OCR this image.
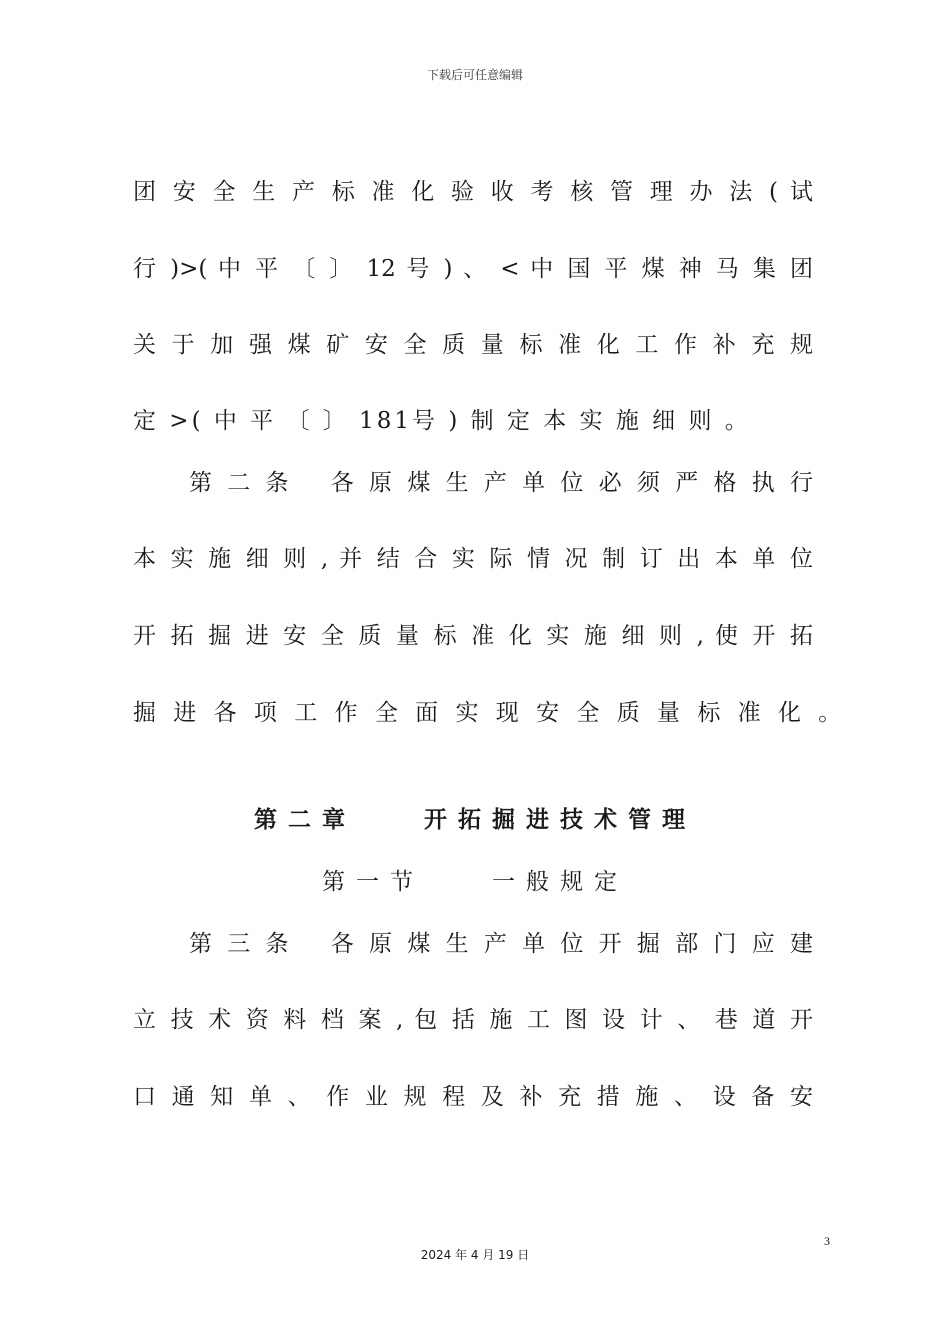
下载后可任意编辑
团 安 全 生 产 标 准 化 验 收 考 核 管 理 办 法 ( 试
行 )>( 中 平 〔 〕 12 号 ) 、 < 中 国 平 煤 神 马 集 团
关 于 加 强 煤 矿 安 全 质 量 标 准 化 工 作 补 充 规
定 >( 中 平 〔 〕 181号 ) 制 定 本 实 施 细 则 。
第 二 条 　各 原 煤 生 产 单 位 必 须 严 格 执 行
本 实 施 细 则 , 并 结 合 实 际 情 况 制 订 出 本 单 位
开 拓 掘 进 安 全 质 量 标 准 化 实 施 细 则 , 使 开 拓
掘 进 各 项 工 作 全 面 实 现 安 全 质 量 标 准 化 。
第二章　　开拓掘进技术管理
第一节　　一般规定
第 三 条 　各 原 煤 生 产 单 位 开 掘 部 门 应 建
立 技 术 资 料 档 案 , 包 括 施 工 图 设 计 、 巷 道 开
口 通 知 单 、 作 业 规 程 及 补 充 措 施 、 设 备 安
3
2024 年 4 月 19 日
